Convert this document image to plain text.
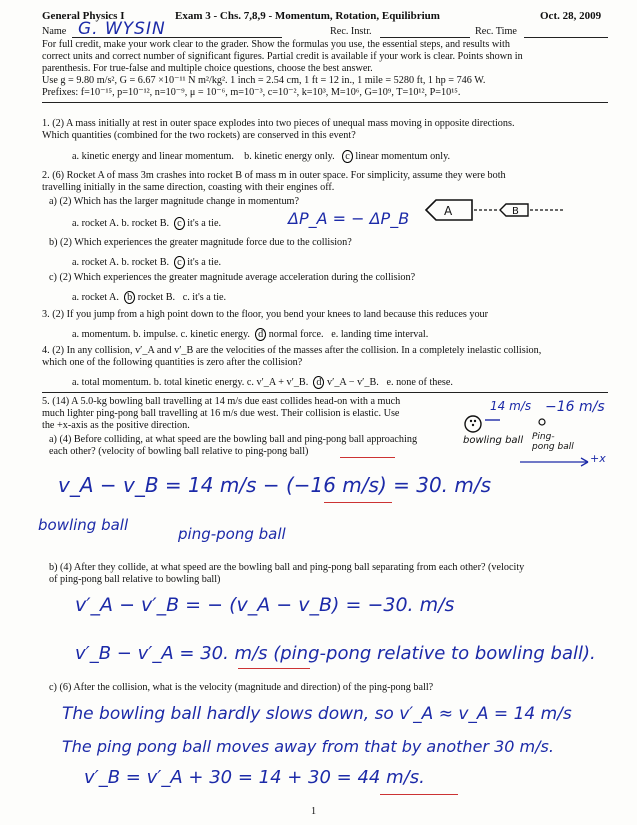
General Physics I	Exam 3 - Chs. 7,8,9 - Momentum, Rotation, Equilibrium	Oct. 28, 2009
Name G. WYSIN	Rec. Instr.	Rec. Time
For full credit, make your work clear to the grader. Show the formulas you use, the essential steps, and results with
correct units and correct number of significant figures. Partial credit is available if your work is clear. Points shown in
parenthesis. For true-false and multiple choice questions, choose the best answer.
Use g = 9.80 m/s², G = 6.67 ×10⁻¹¹ N m²/kg². 1 inch = 2.54 cm, 1 ft = 12 in., 1 mile = 5280 ft, 1 hp = 746 W.
Prefixes: f=10⁻¹⁵, p=10⁻¹², n=10⁻⁹, μ = 10⁻⁶, m=10⁻³, c=10⁻², k=10³, M=10⁶, G=10⁹, T=10¹², P=10¹⁵.
1. (2) A mass initially at rest in outer space explodes into two pieces of unequal mass moving in opposite directions.
Which quantities (combined for the two rockets) are conserved in this event?
a. kinetic energy and linear momentum. b. kinetic energy only. c linear momentum only.
2. (6) Rocket A of mass 3m crashes into rocket B of mass m in outer space. For simplicity, assume they were both
travelling initially in the same direction, coasting with their engines off.
a) (2) Which has the larger magnitude change in momentum?
a. rocket A. b. rocket B. c it's a tie.	ΔP_A = − ΔP_B	A	B
b) (2) Which experiences the greater magnitude force due to the collision?
a. rocket A. b. rocket B. c it's a tie.
c) (2) Which experiences the greater magnitude average acceleration during the collision?
a. rocket A. b rocket B. c. it's a tie.
3. (2) If you jump from a high point down to the floor, you bend your knees to land because this reduces your
a. momentum. b. impulse. c. kinetic energy. d normal force. e. landing time interval.
4. (2) In any collision, v′_A and v′_B are the velocities of the masses after the collision. In a completely inelastic collision,
which one of the following quantities is zero after the collision?
a. total momentum. b. total kinetic energy. c. v′_A + v′_B. d v′_A − v′_B. e. none of these.
5. (14) A 5.0-kg bowling ball travelling at 14 m/s due east collides head-on with a much
much lighter ping-pong ball travelling at 16 m/s due west. Their collision is elastic. Use
the +x-axis as the positive direction.
a) (4) Before colliding, at what speed are the bowling ball and ping-pong ball approaching
each other? (velocity of bowling ball relative to ping-pong ball)
14 m/s −16 m/s
bowling ball Ping-pong ball
+x
v_A − v_B = 14 m/s − (−16 m/s) = 30. m/s
bowling ball	ping-pong ball
b) (4) After they collide, at what speed are the bowling ball and ping-pong ball separating from each other? (velocity
of ping-pong ball relative to bowling ball)
v′_A − v′_B = − (v_A − v_B) = −30. m/s
v′_B − v′_A = 30. m/s (ping-pong relative to bowling ball).
c) (6) After the collision, what is the velocity (magnitude and direction) of the ping-pong ball?
The bowling ball hardly slows down, so v′_A ≈ v_A = 14 m/s
The ping pong ball moves away from that by another 30 m/s.
v′_B = v′_A + 30 = 14 + 30 = 44 m/s.
1
